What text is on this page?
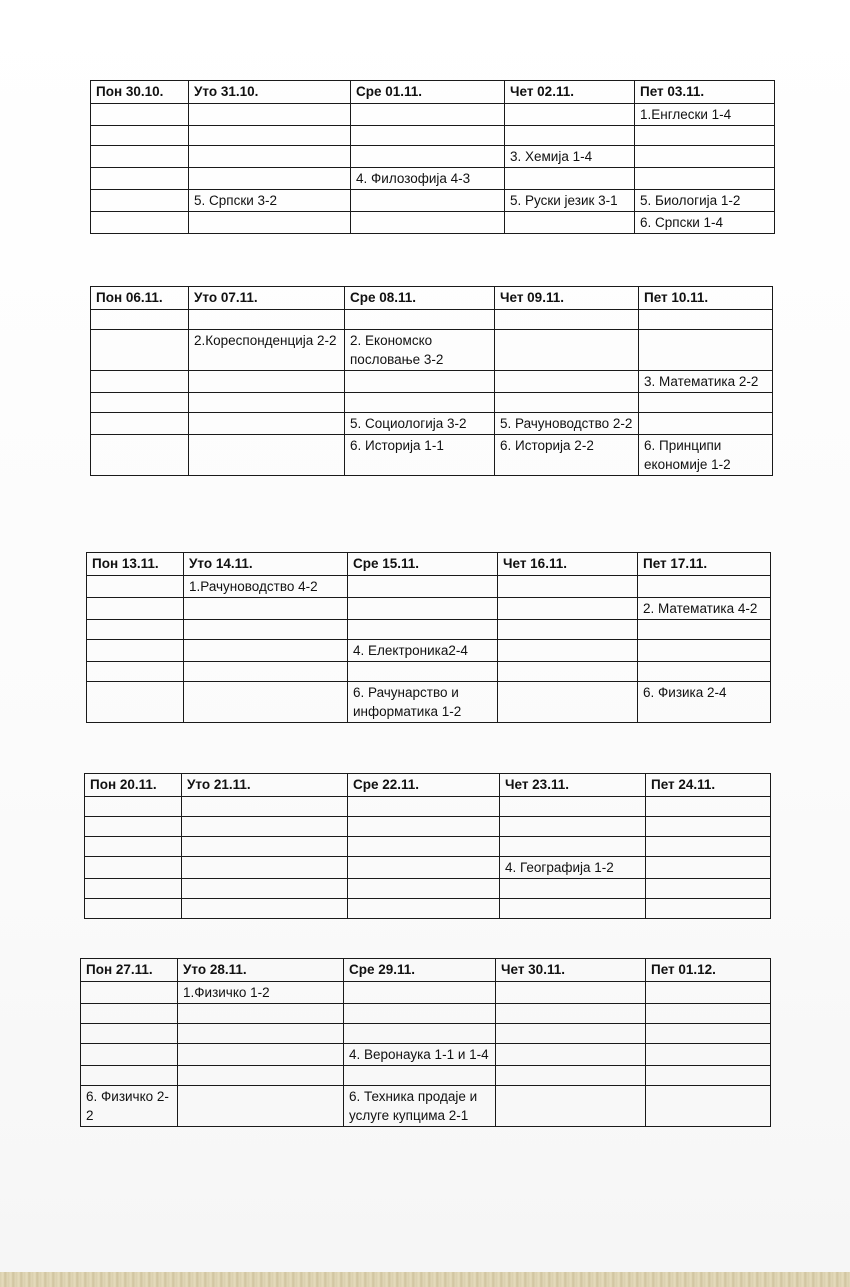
Пон 30.10.	Уто 31.10.	Сре 01.11.	Чет 02.11.	Пет 03.11.
				1.Енглески 1-4

			3. Хемија 1-4	
		4. Филозофија 4-3		
	5. Српски 3-2		5. Руски језик 3-1	5. Биологија 1-2
				6. Српски 1-4
Пон 06.11.	Уто 07.11.	Сре 08.11.	Чет 09.11.	Пет 10.11.

	2.Кореспонденција 2-2	2. Економско пословање 3-2		
				3. Математика 2-2

		5. Социологија 3-2	5. Рачуноводство 2-2	
		6. Историја 1-1	6. Историја 2-2	6. Принципи економије 1-2
Пон 13.11.	Уто 14.11.	Сре 15.11.	Чет 16.11.	Пет 17.11.
	1.Рачуноводство 4-2			
				2. Математика 4-2

		4. Електроника2-4		

		6. Рачунарство и информатика 1-2		6. Физика 2-4
Пон 20.11.	Уто 21.11.	Сре 22.11.	Чет 23.11.	Пет 24.11.

			4. Географија 1-2	

Пон 27.11.	Уто 28.11.	Сре 29.11.	Чет 30.11.	Пет 01.12.
	1.Физичко 1-2			

		4. Веронаука 1-1 и 1-4		

6. Физичко 2-2		6. Техника продаје и услуге купцима 2-1		
